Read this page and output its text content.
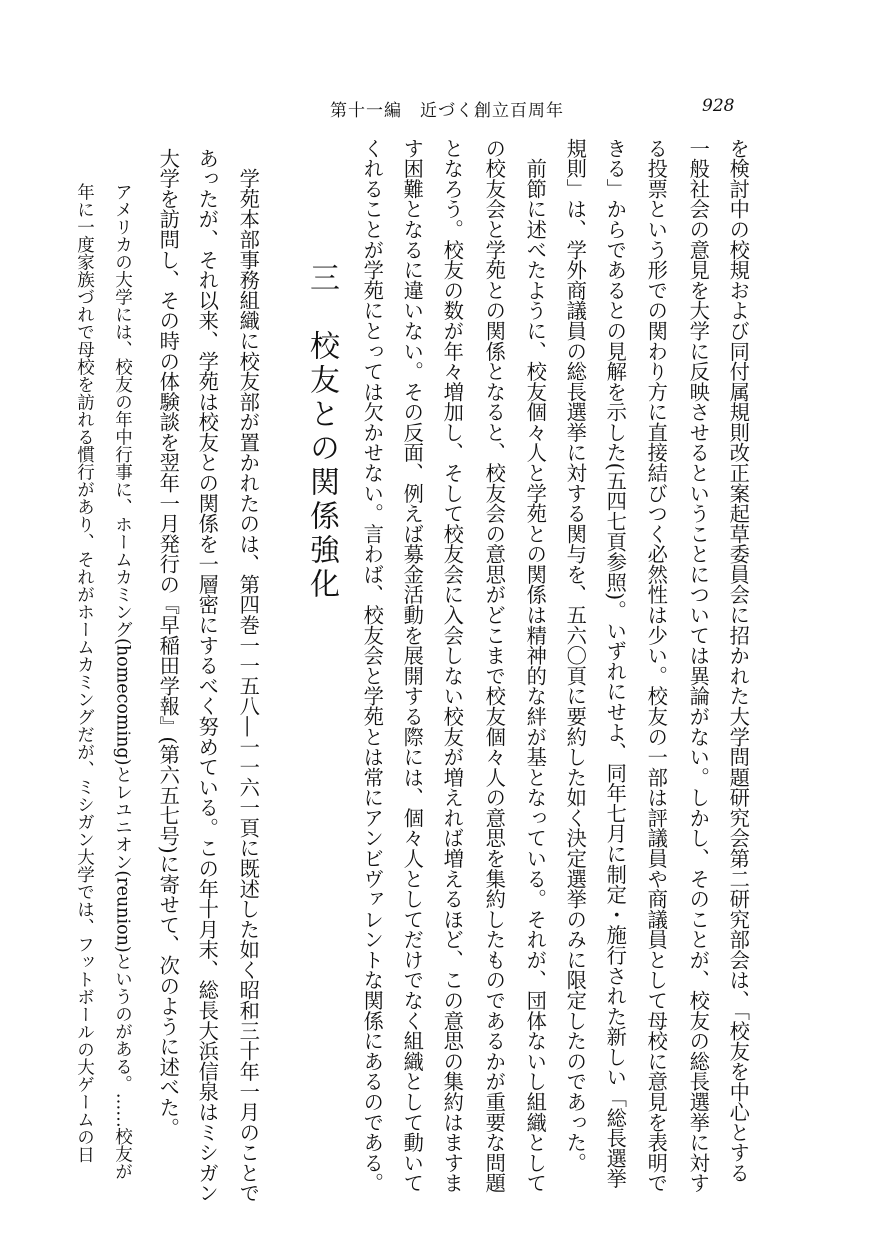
第十一編　近づく創立百周年	928
を検討中の校規および同付属規則改正案起草委員会に招かれた大学問題研究会第二研究部会は、「校友を中心とする
一般社会の意見を大学に反映させるということについては異論がない。しかし、そのことが、校友の総長選挙に対す
る投票という形での関わり方に直接結びつく必然性は少い。校友の一部は評議員や商議員として母校に意見を表明で
きる」からであるとの見解を示した(五四七頁参照)。いずれにせよ、同年七月に制定・施行された新しい「総長選挙
規則」は、学外商議員の総長選挙に対する関与を、五六〇頁に要約した如く決定選挙のみに限定したのであった。
　前節に述べたように、校友個々人と学苑との関係は精神的な絆が基となっている。それが、団体ないし組織として
の校友会と学苑との関係となると、校友会の意思がどこまで校友個々人の意思を集約したものであるかが重要な問題
となろう。校友の数が年々増加し、そして校友会に入会しない校友が増えれば増えるほど、この意思の集約はますま
す困難となるに違いない。その反面、例えば募金活動を展開する際には、個々人としてだけでなく組織として動いて
くれることが学苑にとっては欠かせない。言わば、校友会と学苑とは常にアンビヴァレントな関係にあるのである。
三　校友との関係強化
　学苑本部事務組織に校友部が置かれたのは、第四巻一一五八―一一六一頁に既述した如く昭和三十年一月のことで
あったが、それ以来、学苑は校友との関係を一層密にするべく努めている。この年十月末、総長大浜信泉はミシガン
大学を訪問し、その時の体験談を翌年一月発行の『早稲田学報』(第六五七号)に寄せて、次のように述べた。
アメリカの大学には、校友の年中行事に、ホームカミング(homecoming)とレユニオン(reunion)というのがある。……校友が
年に一度家族づれで母校を訪れる慣行があり、それがホームカミングだが、ミシガン大学では、フットボールの大ゲームの日
